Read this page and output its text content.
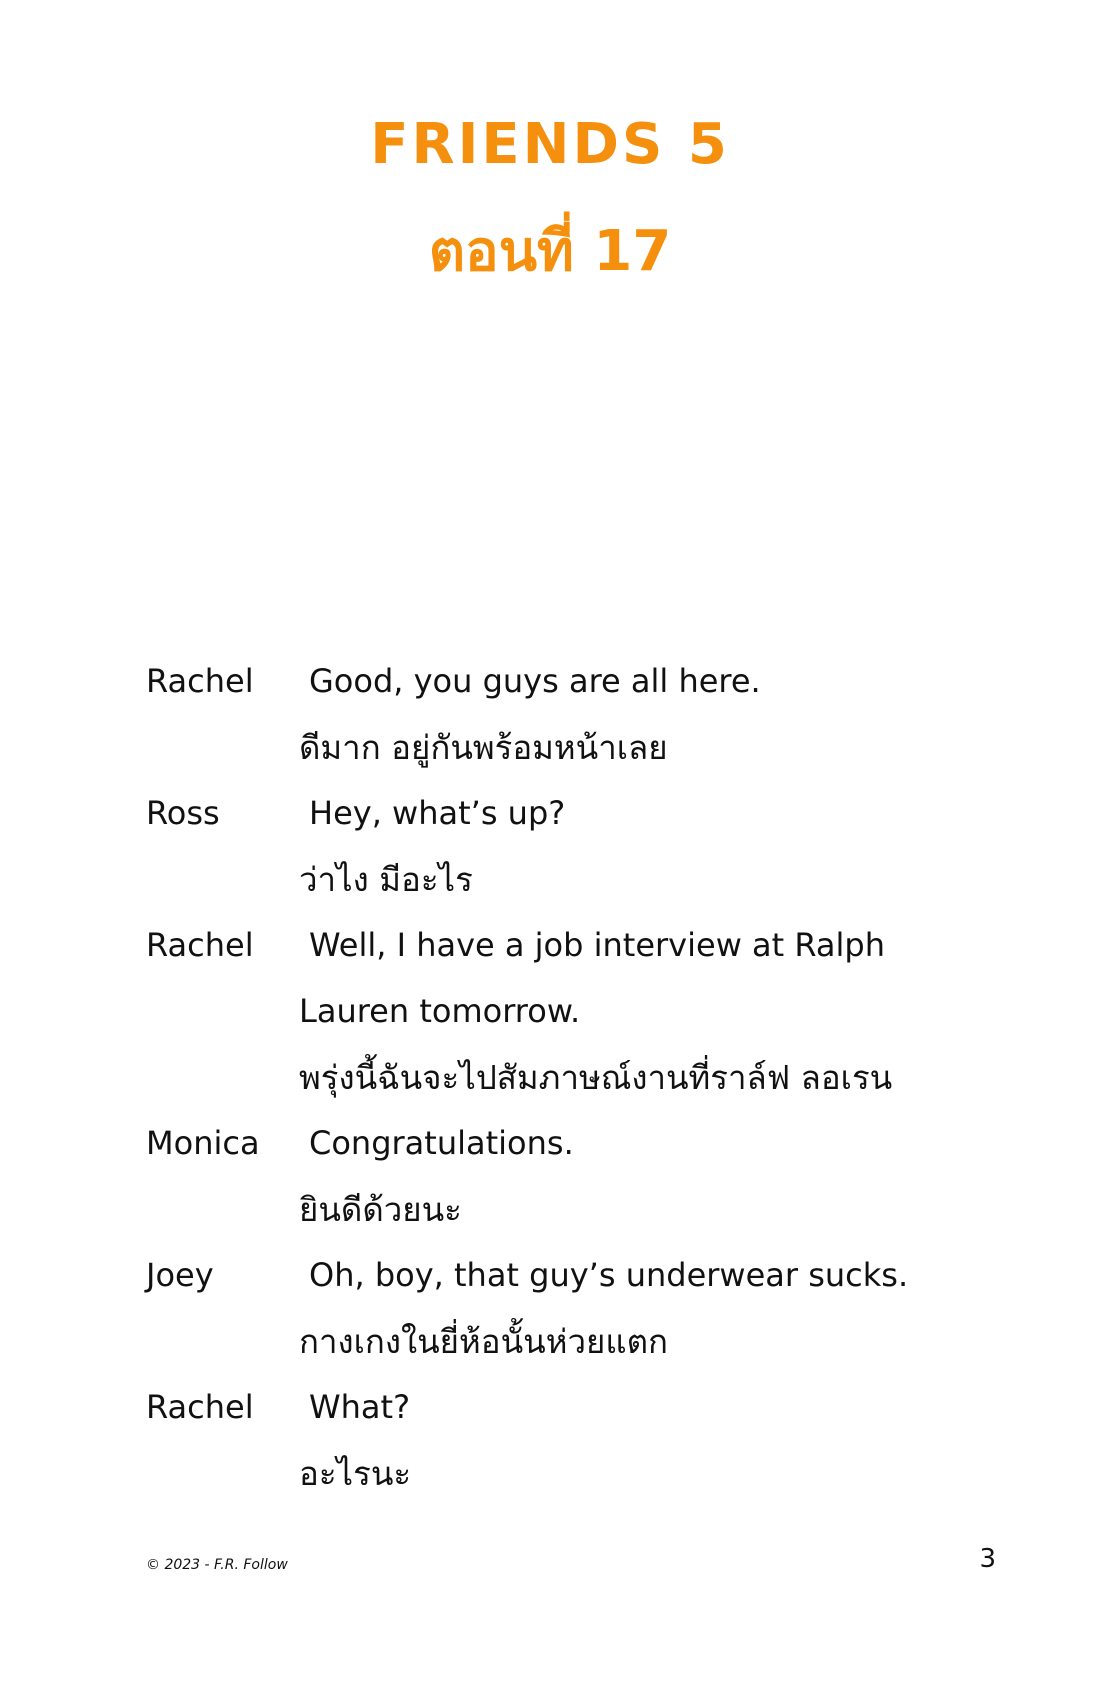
FRIENDS 5
ตอนที่ 17
Rachel	Good, you guys are all here.
ดีมาก อยู่กันพร้อมหน้าเลย
Ross	Hey, what’s up?
ว่าไง มีอะไร
Rachel	Well, I have a job interview at Ralph
Lauren tomorrow.
พรุ่งนี้ฉันจะไปสัมภาษณ์งานที่ราล์ฟ ลอเรน
Monica	Congratulations.
ยินดีด้วยนะ
Joey	Oh, boy, that guy’s underwear sucks.
กางเกงในยี่ห้อนั้นห่วยแตก
Rachel	What?
อะไรนะ
© 2023 - F.R. Follow	3
